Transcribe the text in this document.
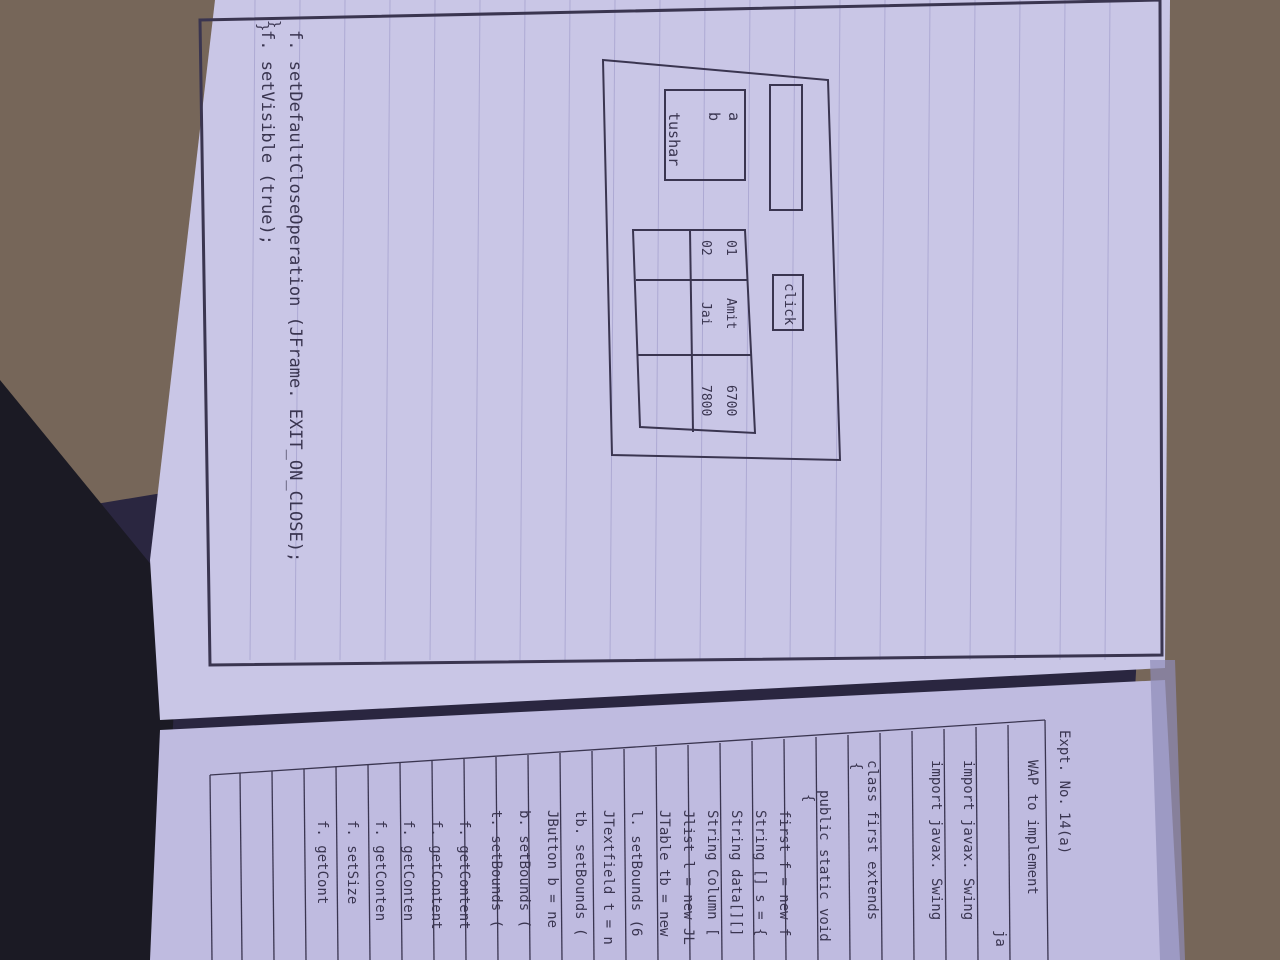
f. setVisible (true); f. setDefaultCloseOperation (JFrame. EXIT_ON_CLOSE);
}
}
a
b
tushar
click
01
Amit
6700
02
Jai
7800
Expt. No.
14(a)
WAP to implement
ja
import javax. Swing
import javax. Swing
class first extends
{
public static void
{
first f = new f
String [] s = {
String data[][]
String Column [
Jlist l = new JL
JTable tb = new
l. setBounds (6
JTextfield t = n
tb. setBounds (
JButton b = ne
b. setBounds (
t. setBounds (
f. getContent
f. getContent
f. getConten
f. getConten
f. setSize
f. getCont
